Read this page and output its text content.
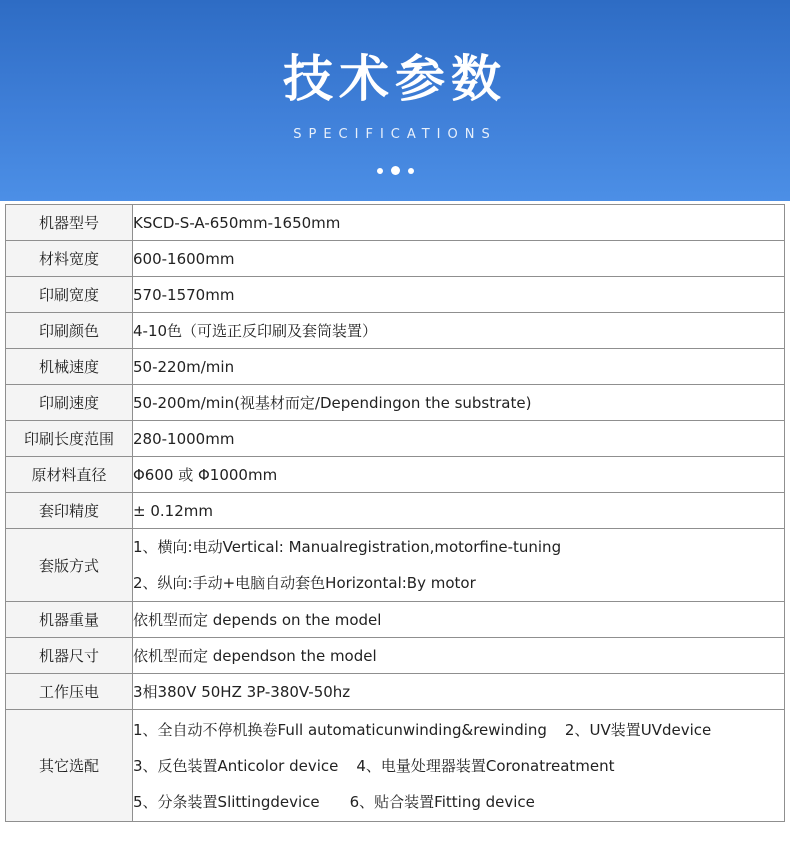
技术参数
SPECIFICATIONS
机器型号	KSCD-S-A-650mm-1650mm
材料宽度	600-1600mm
印刷宽度	570-1570mm
印刷颜色	4-10色（可选正反印刷及套筒装置）
机械速度	50-220m/min
印刷速度	50-200m/min(视基材而定/Dependingon the substrate)
印刷长度范围	280-1000mm
原材料直径	Φ600 或 Φ1000mm
套印精度	± 0.12mm
套版方式	1、横向:电动Vertical: Manualregistration,motorfine-tuning
2、纵向:手动+电脑自动套色Horizontal:By motor

机器重量	依机型而定 depends on the model
机器尺寸	依机型而定 dependson the model
工作压电	3相380V 50HZ 3P-380V-50hz
其它选配	1、全自动不停机换卷Full automaticunwinding&rewinding 2、UV装置UVdevice
3、反色装置Anticolor device 4、电量处理器装置Coronatreatment
5、分条装置Slittingdevice 6、贴合装置Fitting device
